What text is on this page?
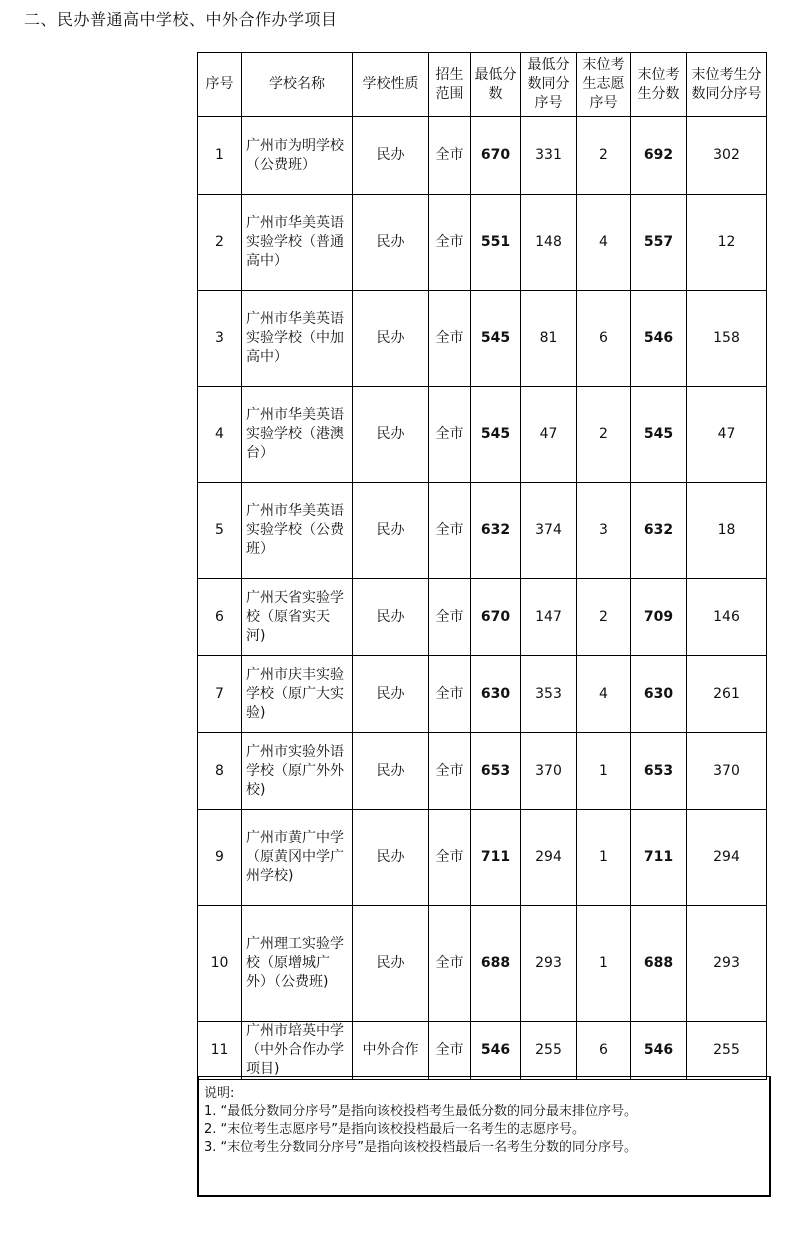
二、民办普通高中学校、中外合作办学项目
序号	学校名称	学校性质	招生范围	最低分数	最低分数同分序号	末位考生志愿序号	末位考生分数	末位考生分数同分序号
1	广州市为明学校（公费班）	民办	全市	670	331	2	692	302
2	广州市华美英语实验学校（普通高中）	民办	全市	551	148	4	557	12
3	广州市华美英语实验学校（中加高中）	民办	全市	545	81	6	546	158
4	广州市华美英语实验学校（港澳台）	民办	全市	545	47	2	545	47
5	广州市华美英语实验学校（公费班）	民办	全市	632	374	3	632	18
6	广州天省实验学校（原省实天河)	民办	全市	670	147	2	709	146
7	广州市庆丰实验学校（原广大实验)	民办	全市	630	353	4	630	261
8	广州市实验外语学校（原广外外校)	民办	全市	653	370	1	653	370
9	广州市黄广中学（原黄冈中学广州学校)	民办	全市	711	294	1	711	294
10	广州理工实验学校（原增城广外）（公费班)	民办	全市	688	293	1	688	293
11	广州市培英中学（中外合作办学项目)	中外合作	全市	546	255	6	546	255
说明:
1. “最低分数同分序号”是指向该校投档考生最低分数的同分最末排位序号。
2. “末位考生志愿序号”是指向该校投档最后一名考生的志愿序号。
3. “末位考生分数同分序号”是指向该校投档最后一名考生分数的同分序号。
